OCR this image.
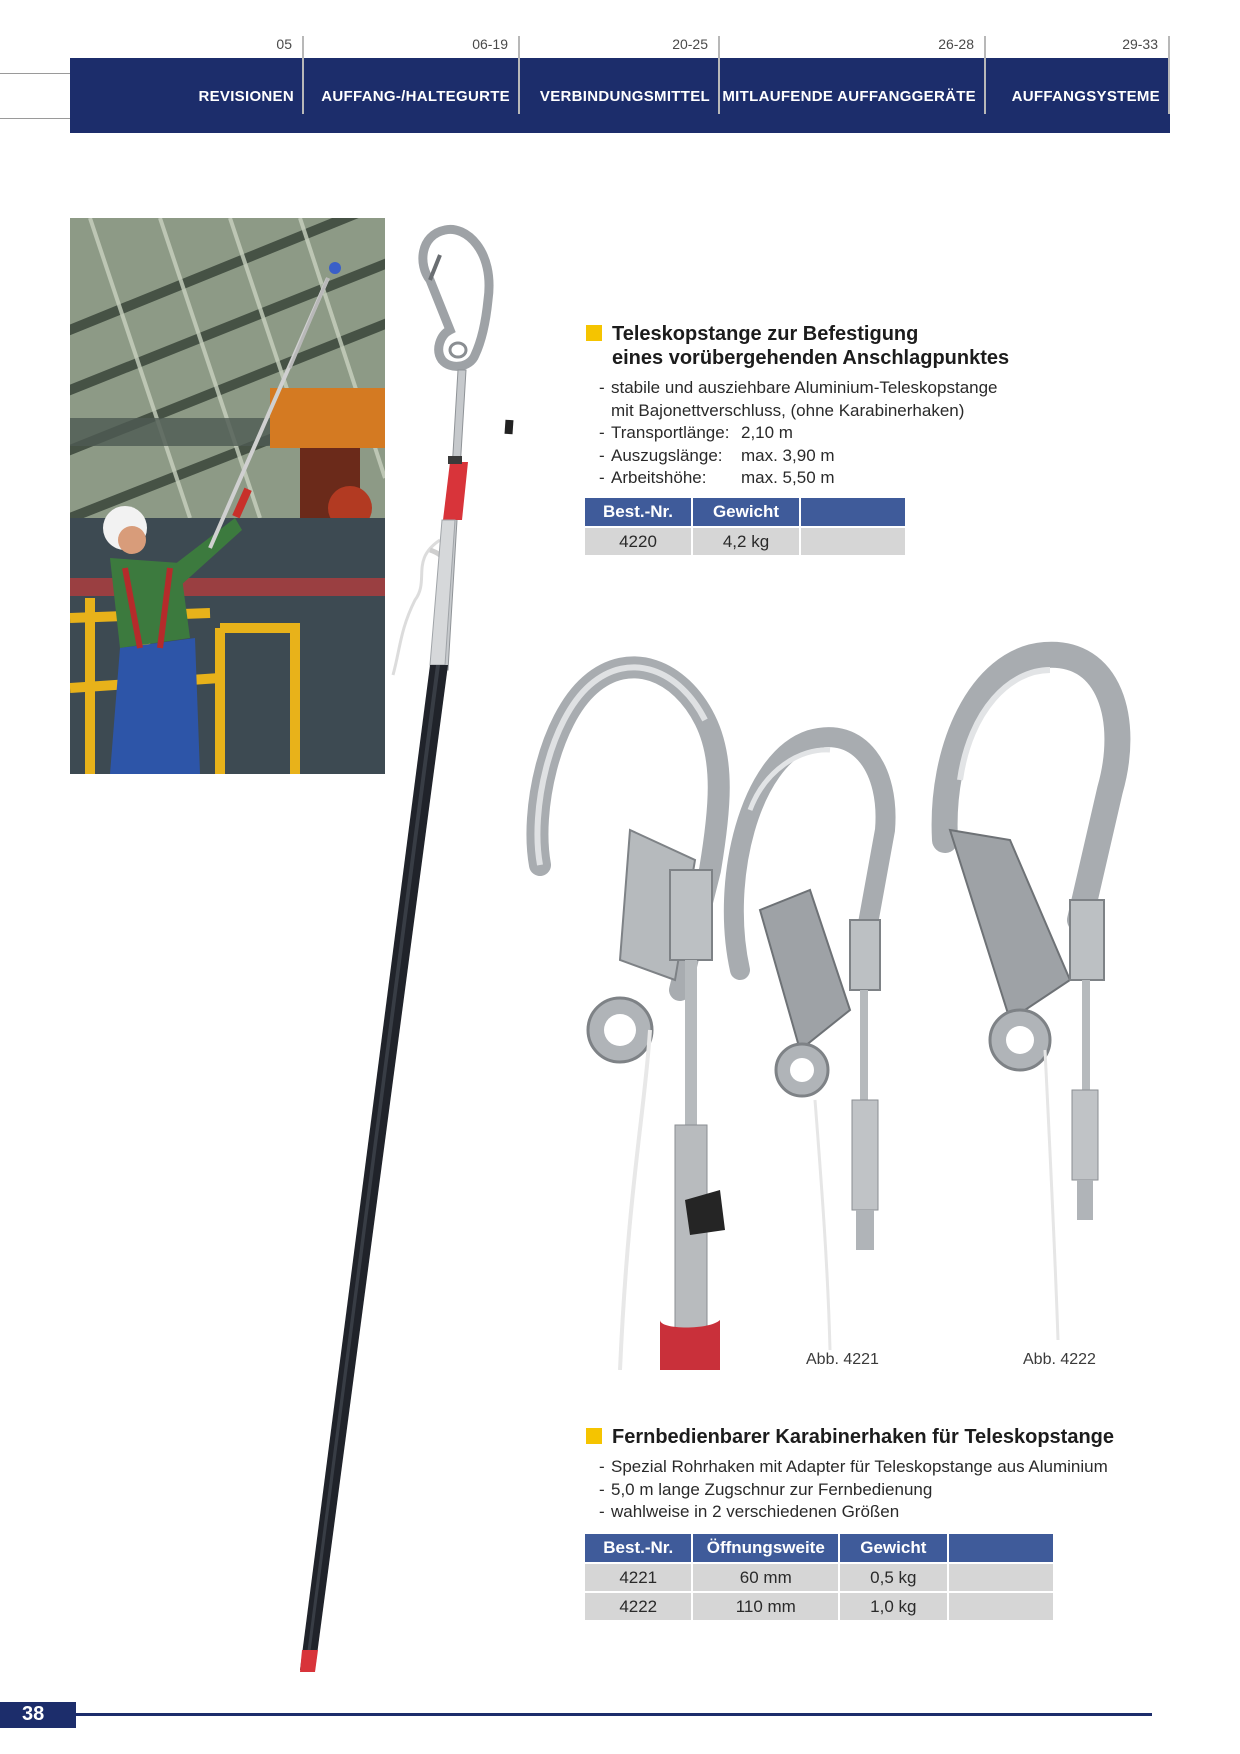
05
REVISIONEN
06-19
AUFFANG-/HALTEGURTE
20-25
VERBINDUNGSMITTEL
26-28
MITLAUFENDE AUFFANGGERÄTE
29-33
AUFFANGSYSTEME
Teleskopstange zur Befestigung
eines vorübergehenden Anschlagpunktes
- stabile und ausziehbare Aluminium-Teleskopstange
mit Bajonettverschluss, (ohne Karabinerhaken)
- Transportlänge: 2,10 m
- Auszugslänge: max. 3,90 m
- Arbeitshöhe: max. 5,50 m
Best.-Nr.	Gewicht	
4220	4,2 kg	
Abb. 4221	Abb. 4222
Fernbedienbarer Karabinerhaken für Teleskopstange
- Spezial Rohrhaken mit Adapter für Teleskopstange aus Aluminium
- 5,0 m lange Zugschnur zur Fernbedienung
- wahlweise in 2 verschiedenen Größen
Best.-Nr.	Öffnungsweite	Gewicht	
4221	60 mm	0,5 kg	
4222	110 mm	1,0 kg	
38
